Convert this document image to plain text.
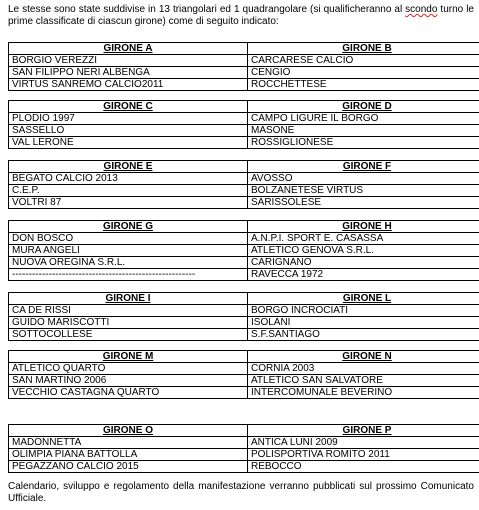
Le stesse sono state suddivise in 13 triangolari ed 1 quadrangolare (si qualificheranno al scondo turno le prime classificate di ciascun girone) come di seguito indicato:
GIRONE A	GIRONE B
BORGIO VEREZZI	CARCARESE CALCIO
SAN FILIPPO NERI ALBENGA	CENGIO
VIRTUS SANREMO CALCIO2011	ROCCHETTESE
GIRONE C	GIRONE D
PLODIO 1997	CAMPO LIGURE IL BORGO
SASSELLO	MASONE
VAL LERONE	ROSSIGLIONESE
GIRONE E	GIRONE F
BEGATO CALCIO 2013	AVOSSO
C.E.P.	BOLZANETESE VIRTUS
VOLTRI 87	SARISSOLESE
GIRONE G	GIRONE H
DON BOSCO	A.N.P.I. SPORT E. CASASSA
MURA ANGELI	ATLETICO GENOVA S.R.L.
NUOVA OREGINA S.R.L.	CARIGNANO
-------------------------------------------------------	RAVECCA 1972
GIRONE I	GIRONE L
CA DE RISSI	BORGO INCROCIATI
GUIDO MARISCOTTI	ISOLANI
SOTTOCOLLESE	S.F.SANTIAGO
GIRONE M	GIRONE N
ATLETICO QUARTO	CORNIA 2003
SAN MARTINO 2006	ATLETICO SAN SALVATORE
VECCHIO CASTAGNA QUARTO	INTERCOMUNALE BEVERINO
GIRONE O	GIRONE P
MADONNETTA	ANTICA LUNI 2009
OLIMPIA PIANA BATTOLLA	POLISPORTIVA ROMITO 2011
PEGAZZANO CALCIO 2015	REBOCCO
Calendario, sviluppo e regolamento della manifestazione verranno pubblicati sul prossimo Comunicato Ufficiale.
